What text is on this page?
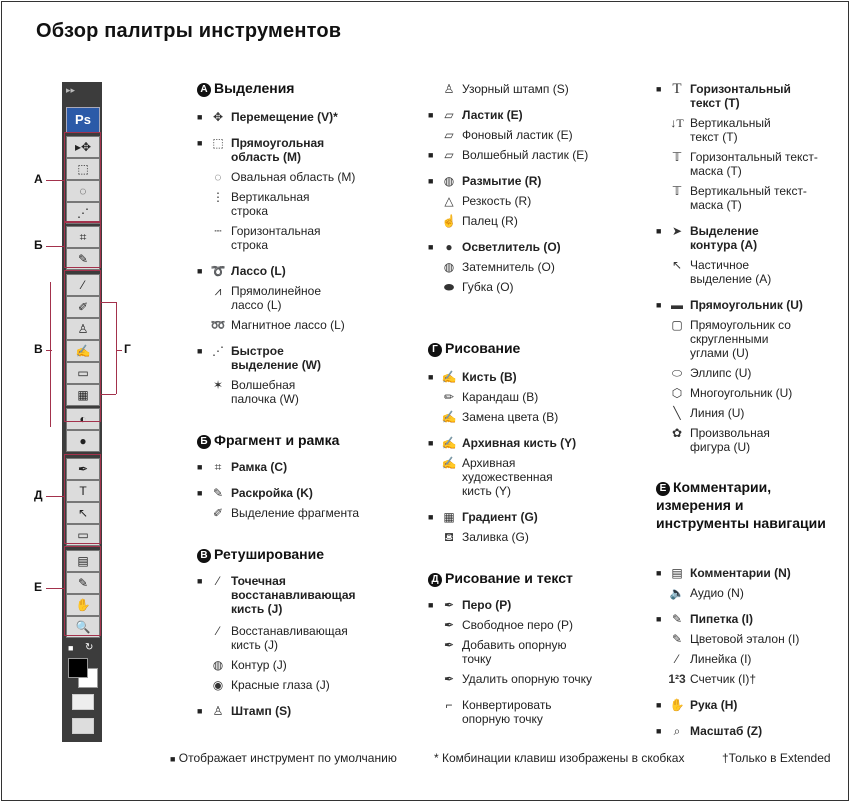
Обзор палитры инструментов
▸▸
Ps
▸✥
⬚
◌
⋰
⌗
✎
⁄
✐
♙
✍
▭
▦
◐
●
✒
T
↖
▭
▤
✎
✋
🔍
■ ↻
А
Б
В	Г
Д
Е
А Выделения
■ ✥ Перемещение (V)*
■ ⬚ Прямоугольная
область (M)
◌ Овальная область (M)
⋮ Вертикальная
строка
┄ Горизонтальная
строка
■ ➰ Лассо (L)
⩘ Прямолинейное
лассо (L)
➿ Магнитное лассо (L)
■ ⋰ Быстрое
выделение (W)
✶ Волшебная
палочка (W)
Б Фрагмент и рамка
■	⌗ Рамка (C)
■ ✎ Раскройка (K)
✐ Выделение фрагмента
В Ретуширование
■	⁄	Точечная
восстанавливающая
кисть (J)
⁄	Восстанавливающая
кисть (J)
◍ Контур (J)
◉ Красные глаза (J)
■ ♙ Штамп (S)
♙ Узорный штамп (S)
■ ▱ Ластик (E)
▱ Фоновый ластик (E)
■ ▱ Волшебный ластик (E)
■ ◍ Размытие (R)
△ Резкость (R)
☝ Палец (R)
■ ● Осветлитель (O)
◍ Затемнитель (O)
⬬ Губка (O)
Г Рисование
■ ✍ Кисть (B)
✏ Карандаш (B)
✍ Замена цвета (B)
■ ✍ Архивная кисть (Y)
✍ Архивная
художественная
кисть (Y)
■ ▦ Градиент (G)
⛾ Заливка (G)
Д Рисование и текст
■ ✒ Перо (P)
✒ Свободное перо (P)
✒ Добавить опорную
точку
✒ Удалить опорную точку
⌐ Конвертировать
опорную точку
■ T Горизонтальный
текст (T)
↓T Вертикальный
текст (T)
𝕋 Горизонтальный текст-
маска (T)
𝕋 Вертикальный текст-
маска (T)
■ ➤ Выделение
контура (A)
↖ Частичное
выделение (A)
■ ▬ Прямоугольник (U)
▢ Прямоугольник со
скругленными
углами (U)
⬭ Эллипс (U)
⬡ Многоугольник (U)
╲ Линия (U)
✿ Произвольная
фигура (U)
Е Комментарии, измерения и инструменты навигации
■ ▤ Комментарии (N)
🔈 Аудио (N)
■ ✎ Пипетка (I)
✎ Цветовой эталон (I)
⁄	Линейка (I)
1²3 Счетчик (I)†
■ ✋ Рука (H)
■	⌕ Масштаб (Z)
■ Отображает инструмент по умолчанию	* Комбинации клавиш изображены в скобках	†Только в Extended
